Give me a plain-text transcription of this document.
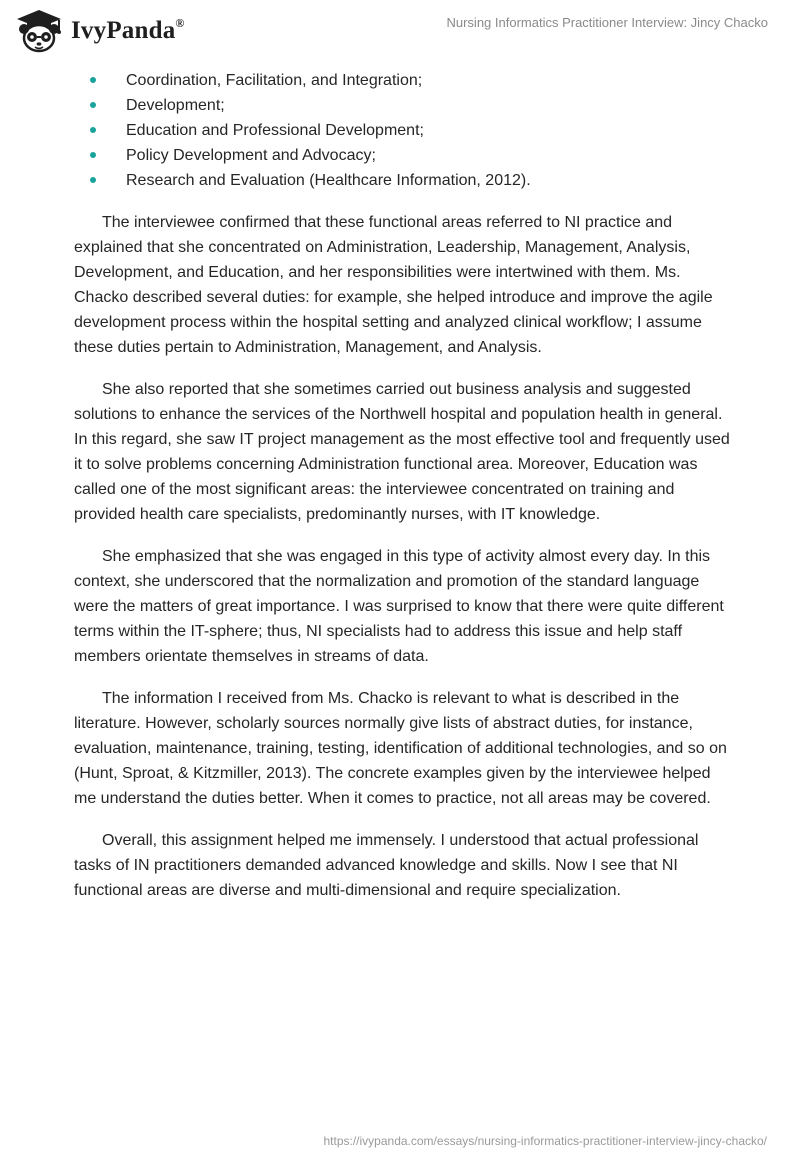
IvyPanda®	Nursing Informatics Practitioner Interview: Jincy Chacko
Coordination, Facilitation, and Integration;
Development;
Education and Professional Development;
Policy Development and Advocacy;
Research and Evaluation (Healthcare Information, 2012).

The interviewee confirmed that these functional areas referred to NI practice and explained that she concentrated on Administration, Leadership, Management, Analysis, Development, and Education, and her responsibilities were intertwined with them. Ms. Chacko described several duties: for example, she helped introduce and improve the agile development process within the hospital setting and analyzed clinical workflow; I assume these duties pertain to Administration, Management, and Analysis.

She also reported that she sometimes carried out business analysis and suggested solutions to enhance the services of the Northwell hospital and population health in general. In this regard, she saw IT project management as the most effective tool and frequently used it to solve problems concerning Administration functional area. Moreover, Education was called one of the most significant areas: the interviewee concentrated on training and provided health care specialists, predominantly nurses, with IT knowledge.

She emphasized that she was engaged in this type of activity almost every day. In this context, she underscored that the normalization and promotion of the standard language were the matters of great importance. I was surprised to know that there were quite different terms within the IT-sphere; thus, NI specialists had to address this issue and help staff members orientate themselves in streams of data.

The information I received from Ms. Chacko is relevant to what is described in the literature. However, scholarly sources normally give lists of abstract duties, for instance, evaluation, maintenance, training, testing, identification of additional technologies, and so on (Hunt, Sproat, & Kitzmiller, 2013). The concrete examples given by the interviewee helped me understand the duties better. When it comes to practice, not all areas may be covered.

Overall, this assignment helped me immensely. I understood that actual professional tasks of IN practitioners demanded advanced knowledge and skills. Now I see that NI functional areas are diverse and multi-dimensional and require specialization.

https://ivypanda.com/essays/nursing-informatics-practitioner-interview-jincy-chacko/
